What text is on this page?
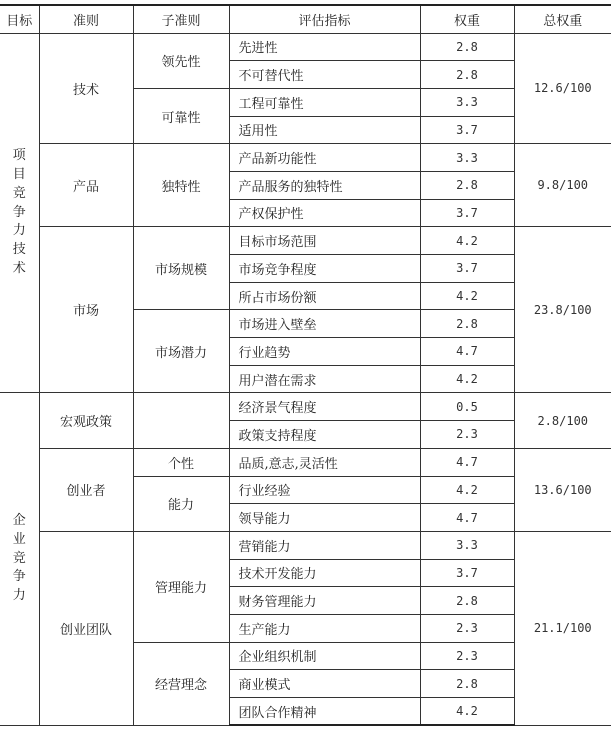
目标	准则	子准则	评估指标	权重	总权重

项目竞争力技术	技术	领先性	先进性	2.8	12.6/100
			不可替代性	2.8	
		可靠性	工程可靠性	3.3	
			适用性	3.7	
	产品	独特性	产品新功能性	3.3	9.8/100
			产品服务的独特性	2.8	
			产权保护性	3.7	
	市场	市场规模	目标市场范围	4.2	23.8/100
			市场竞争程度	3.7	
			所占市场份额	4.2	
		市场潜力	市场进入壁垒	2.8	
			行业趋势	4.7	
			用户潜在需求	4.2	

企业竞争力	宏观政策		经济景气程度	0.5	2.8/100
			政策支持程度	2.3	
	创业者	个性	品质,意志,灵活性	4.7	13.6/100
		能力	行业经验	4.2	
			领导能力	4.7	
	创业团队	管理能力	营销能力	3.3	21.1/100
			技术开发能力	3.7	
			财务管理能力	2.8	
			生产能力	2.3	
		经营理念	企业组织机制	2.3	
			商业模式	2.8	
			团队合作精神	4.2	
